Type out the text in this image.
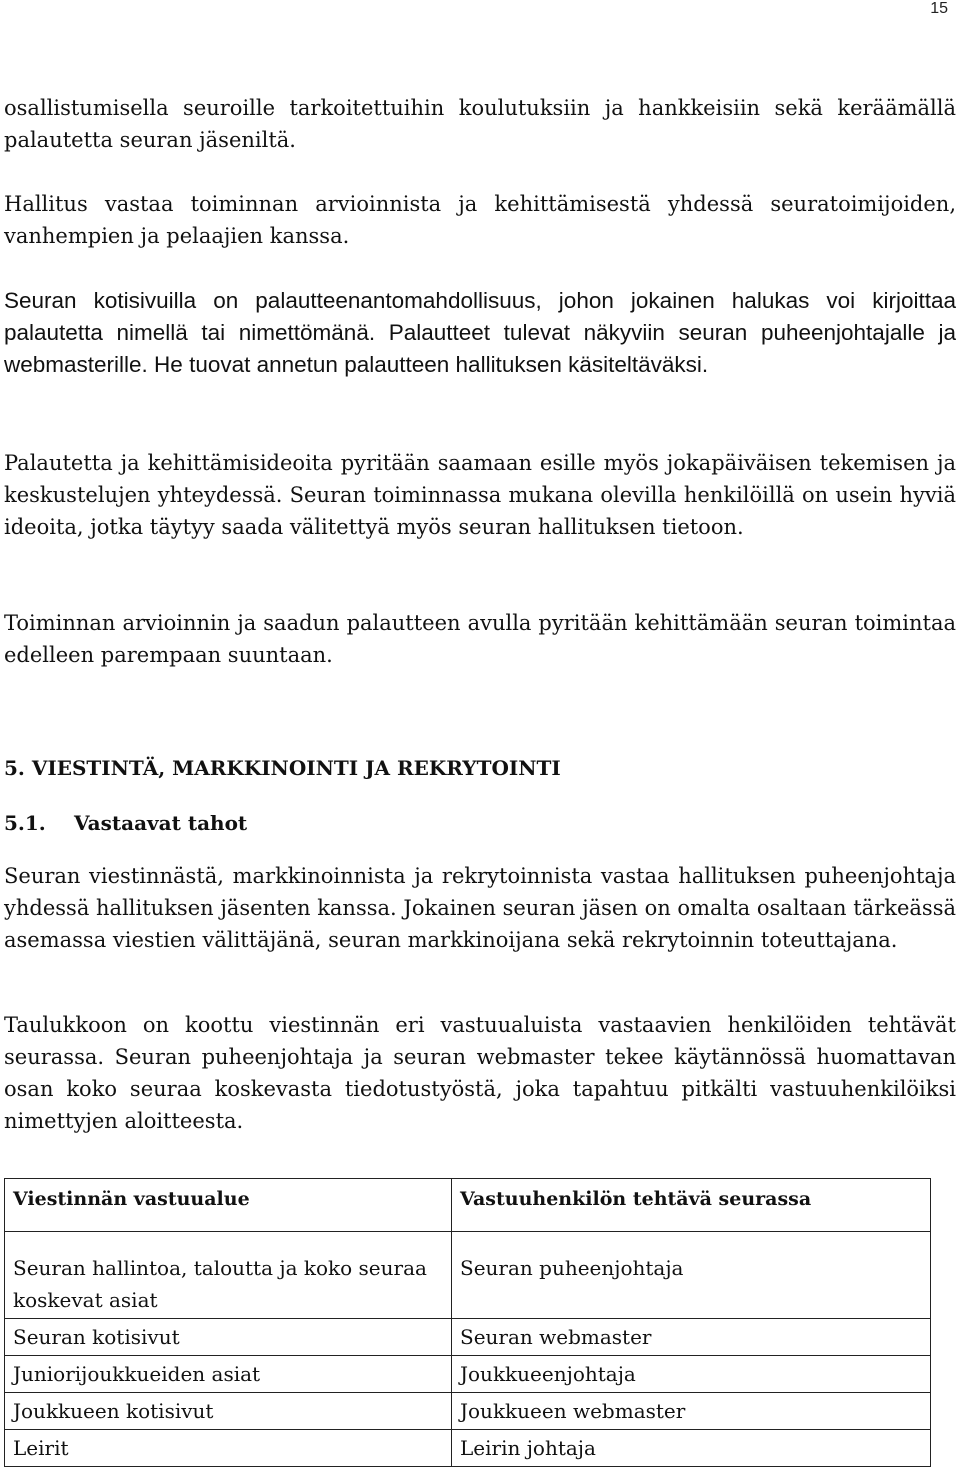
15

osallistumisella seuroille tarkoitettuihin koulutuksiin ja hankkeisiin sekä keräämällä palautetta seuran jäseniltä.

Hallitus vastaa toiminnan arvioinnista ja kehittämisestä yhdessä seuratoimijoiden, vanhempien ja pelaajien kanssa.

Seuran kotisivuilla on palautteenantomahdollisuus, johon jokainen halukas voi kirjoittaa palautetta nimellä tai nimettömänä. Palautteet tulevat näkyviin seuran puheenjohtajalle ja webmasterille. He tuovat annetun palautteen hallituksen käsiteltäväksi.

Palautetta ja kehittämisideoita pyritään saamaan esille myös jokapäiväisen tekemisen ja keskustelujen yhteydessä. Seuran toiminnassa mukana olevilla henkilöillä on usein hyviä ideoita, jotka täytyy saada välitettyä myös seuran hallituksen tietoon.

Toiminnan arvioinnin ja saadun palautteen avulla pyritään kehittämään seuran toimintaa edelleen parempaan suuntaan.

5. VIESTINTÄ, MARKKINOINTI JA REKRYTOINTI
5.1. Vastaavat tahot

Seuran viestinnästä, markkinoinnista ja rekrytoinnista vastaa hallituksen puheenjohtaja yhdessä hallituksen jäsenten kanssa. Jokainen seuran jäsen on omalta osaltaan tärkeässä asemassa viestien välittäjänä, seuran markkinoijana sekä rekrytoinnin toteuttajana.

Taulukkoon on koottu viestinnän eri vastuualuista vastaavien henkilöiden tehtävät seurassa. Seuran puheenjohtaja ja seuran webmaster tekee käytännössä huomattavan osan koko seuraa koskevasta tiedotustyöstä, joka tapahtuu pitkälti vastuuhenkilöiksi nimettyjen aloitteesta.

Viestinnän vastuualue	Vastuuhenkilön tehtävä seurassa
Seuran hallintoa, taloutta ja koko seuraa koskevat asiat	Seuran puheenjohtaja
Seuran kotisivut	Seuran webmaster
Juniorijoukkueiden asiat	Joukkueenjohtaja
Joukkueen kotisivut	Joukkueen webmaster
Leirit	Leirin johtaja
